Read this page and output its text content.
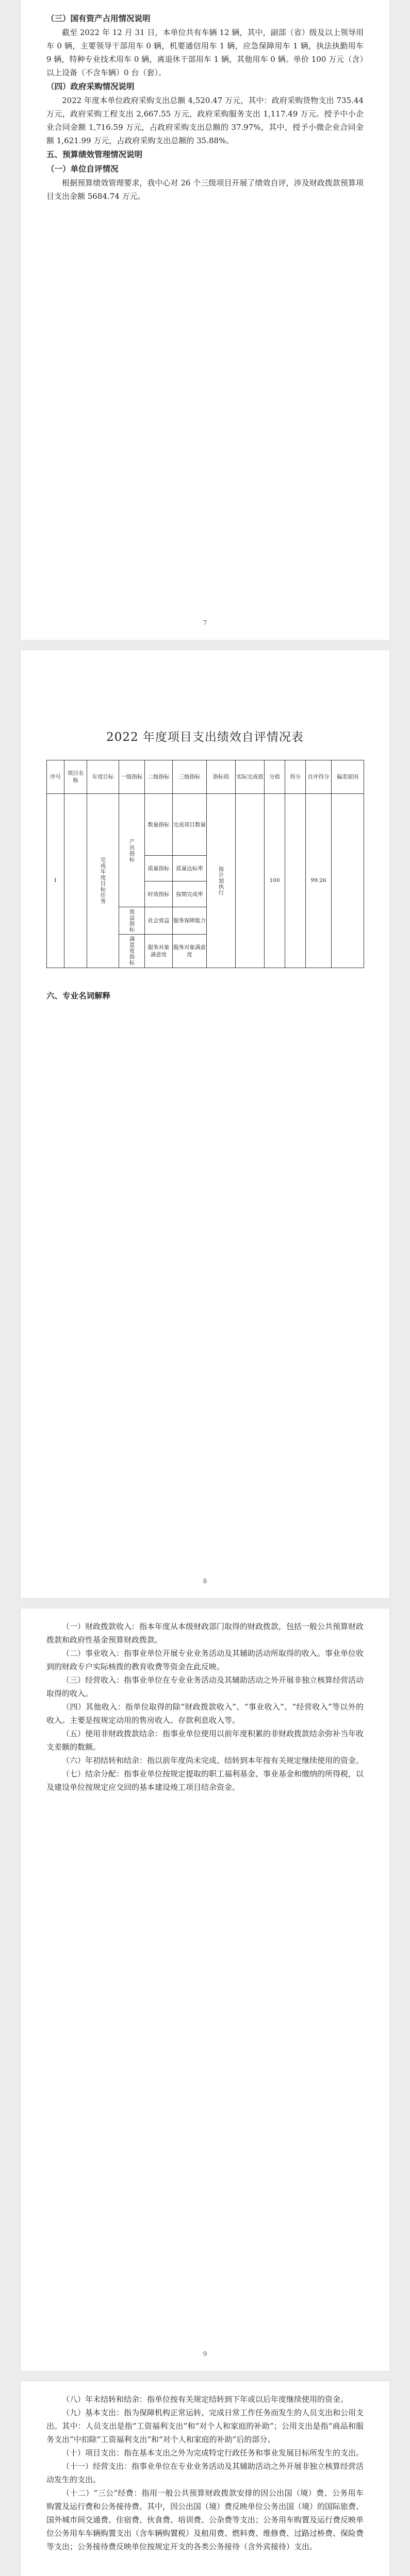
（三）国有资产占用情况说明

截至 2022 年 12 月 31 日，本单位共有车辆 12 辆，其中，副部（省）级及以上领导用车 0 辆，主要领导干部用车 0 辆，机要通信用车 1 辆，应急保障用车 1 辆，执法执勤用车 9 辆，特种专业技术用车 0 辆，离退休干部用车 1 辆，其他用车 0 辆。单价 100 万元（含）以上设备（不含车辆）0 台（套）。

（四）政府采购情况说明

2022 年度本单位政府采购支出总额 4,520.47 万元，其中：政府采购货物支出 735.44 万元，政府采购工程支出 2,667.55 万元，政府采购服务支出 1,117.49 万元。授予中小企业合同金额 1,716.59 万元，占政府采购支出总额的 37.97%，其中，授予小微企业合同金额 1,621.99 万元，占政府采购支出总额的 35.88%。

五、预算绩效管理情况说明
（一）单位自评情况

根据预算绩效管理要求，我中心对 26 个三级项目开展了绩效自评，涉及财政拨款预算项目支出金额 5684.74 万元。

7
2022 年度项目支出绩效自评情况表
序号	项目名称	年度目标	一级指标	二级指标	三级指标	指标值	实际完成值	分值	得分	自评得分	偏差原因
1		完成年度目标任务	产出指标	数量指标	完成项目数量	按计划执行		100		99.26	
				质量指标	质量达标率						
				时效指标	按期完成率						
			效益指标	社会效益	服务保障能力						
			满意度指标	服务对象满意度	服务对象满意度						
六、专业名词解释
8

（一）财政拨款收入：指本年度从本级财政部门取得的财政拨款，包括一般公共预算财政拨款和政府性基金预算财政拨款。

（二）事业收入：指事业单位开展专业业务活动及其辅助活动所取得的收入。事业单位收到的财政专户实际核拨的教育收费等资金在此反映。

（三）经营收入：指事业单位在专业业务活动及其辅助活动之外开展非独立核算经营活动取得的收入。

（四）其他收入：指单位取得的除“财政拨款收入”、“事业收入”、“经营收入”等以外的收入。主要是按规定动用的售房收入、存款利息收入等。

（五）使用非财政拨款结余：指事业单位使用以前年度积累的非财政拨款结余弥补当年收支差额的数额。

（六）年初结转和结余：指以前年度尚未完成、结转到本年按有关规定继续使用的资金。

（七）结余分配：指事业单位按规定提取的职工福利基金、事业基金和缴纳的所得税，以及建设单位按规定应交回的基本建设竣工项目结余资金。

9

（八）年末结转和结余：指单位按有关规定结转到下年或以后年度继续使用的资金。

（九）基本支出：指为保障机构正常运转、完成日常工作任务而发生的人员支出和公用支出。其中：人员支出是指“工资福利支出”和“对个人和家庭的补助”；公用支出是指“商品和服务支出”中扣除“工资福利支出”和“对个人和家庭的补助”后的部分。

（十）项目支出：指在基本支出之外为完成特定行政任务和事业发展目标所发生的支出。

（十一）经营支出：指事业单位在专业业务活动及其辅助活动之外开展非独立核算经营活动发生的支出。

（十二）“三公”经费：指用一般公共预算财政拨款安排的因公出国（境）费、公务用车购置及运行费和公务接待费。其中，因公出国（境）费反映单位公务出国（境）的国际旅费、国外城市间交通费、住宿费、伙食费、培训费、公杂费等支出；公务用车购置及运行费反映单位公务用车车辆购置支出（含车辆购置税）及租用费、燃料费、维修费、过路过桥费、保险费等支出；公务接待费反映单位按规定开支的各类公务接待（含外宾接待）支出。
